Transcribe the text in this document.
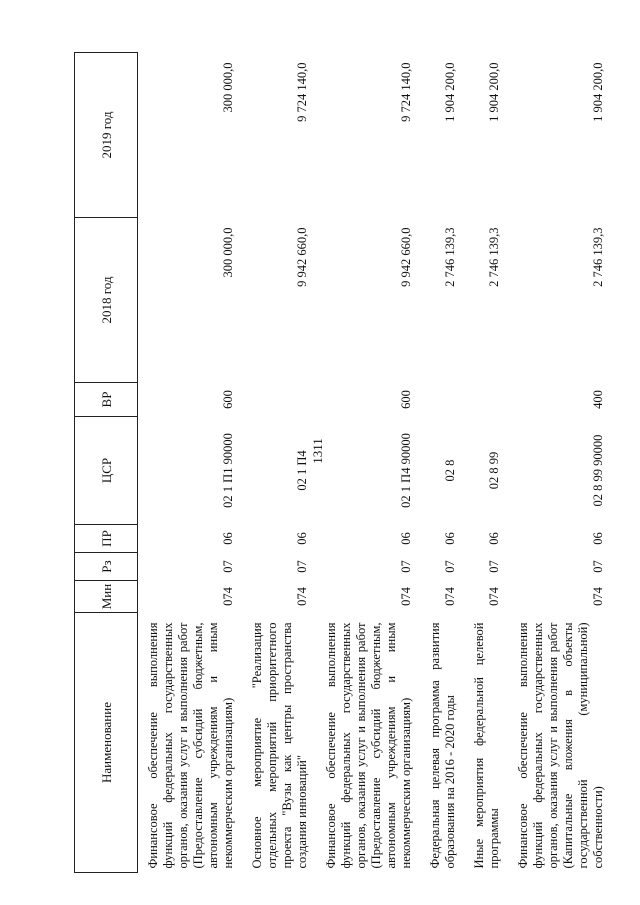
1311
Наименование	Мин	Рз	ПР	ЦСР	ВР	2018 год	2019 год
Финансовое обеспечение выполнения функций федеральных государственных органов, оказания услуг и выполнения работ (Предоставление субсидий бюджетным, автономным учреждениям и иным некоммерческим организациям)	074	07	06	02 1 П1 90000	600	300 000,0	300 000,0
Основное мероприятие "Реализация отдельных мероприятий приоритетного проекта "Вузы как центры пространства создания инноваций"	074	07	06	02 1 П4		9 942 660,0	9 724 140,0
Финансовое обеспечение выполнения функций федеральных государственных органов, оказания услуг и выполнения работ (Предоставление субсидий бюджетным, автономным учреждениям и иным некоммерческим организациям)	074	07	06	02 1 П4 90000	600	9 942 660,0	9 724 140,0
Федеральная целевая программа развития образования на 2016 - 2020 годы	074	07	06	02 8		2 746 139,3	1 904 200,0
Иные мероприятия федеральной целевой программы	074	07	06	02 8 99		2 746 139,3	1 904 200,0
Финансовое обеспечение выполнения функций федеральных государственных органов, оказания услуг и выполнения работ (Капитальные вложения в объекты государственной (муниципальной) собственности)	074	07	06	02 8 99 90000	400	2 746 139,3	1 904 200,0
